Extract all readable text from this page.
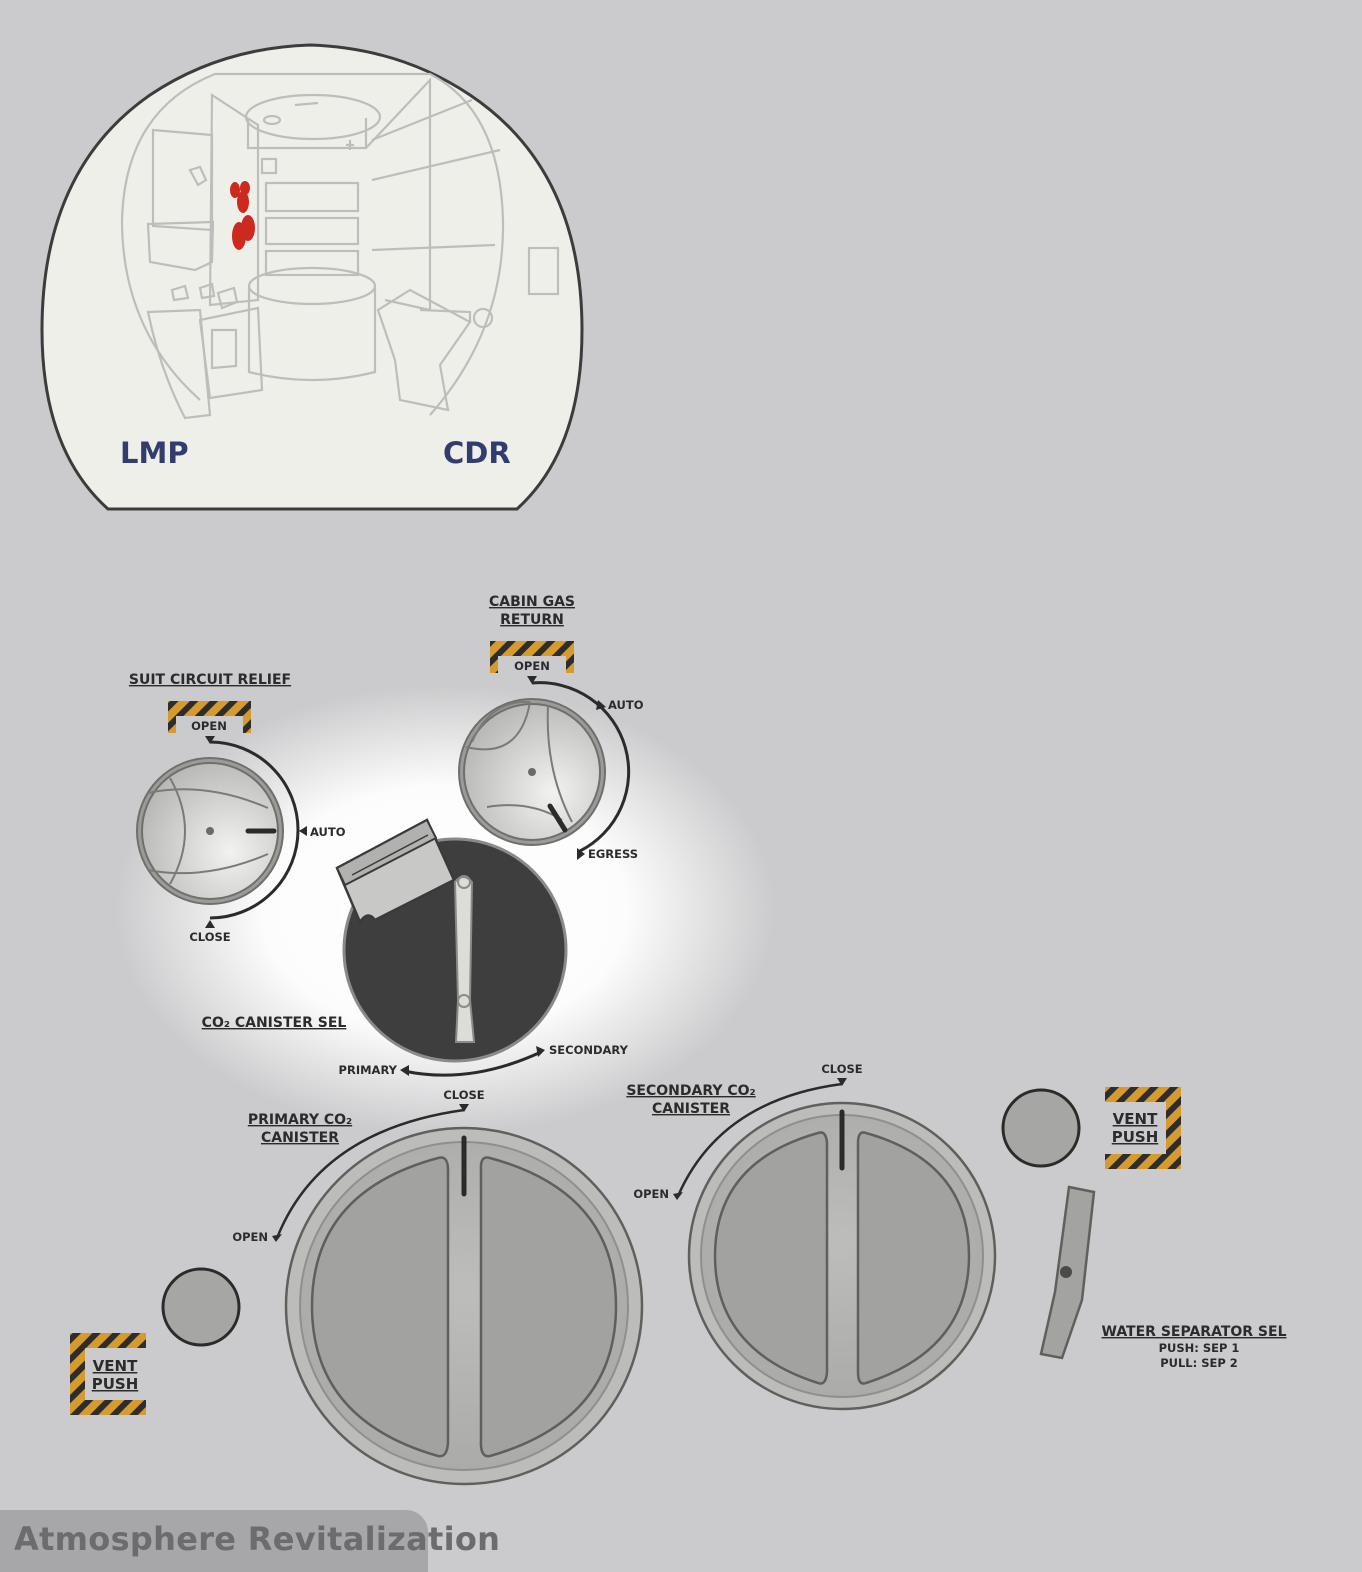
LMP	CDR
SUIT CIRCUIT RELIEF
OPEN
AUTO
CLOSE
CABIN GAS
RETURN
OPEN
AUTO
EGRESS
CO₂ CANISTER SEL
PRIMARY
SECONDARY
PRIMARY CO₂
CANISTER
CLOSE
OPEN
SECONDARY CO₂
CANISTER
CLOSE
OPEN
VENT
PUSH
VENT
PUSH
WATER SEPARATOR SEL
PUSH: SEP 1
PULL: SEP 2
Atmosphere Revitalization
